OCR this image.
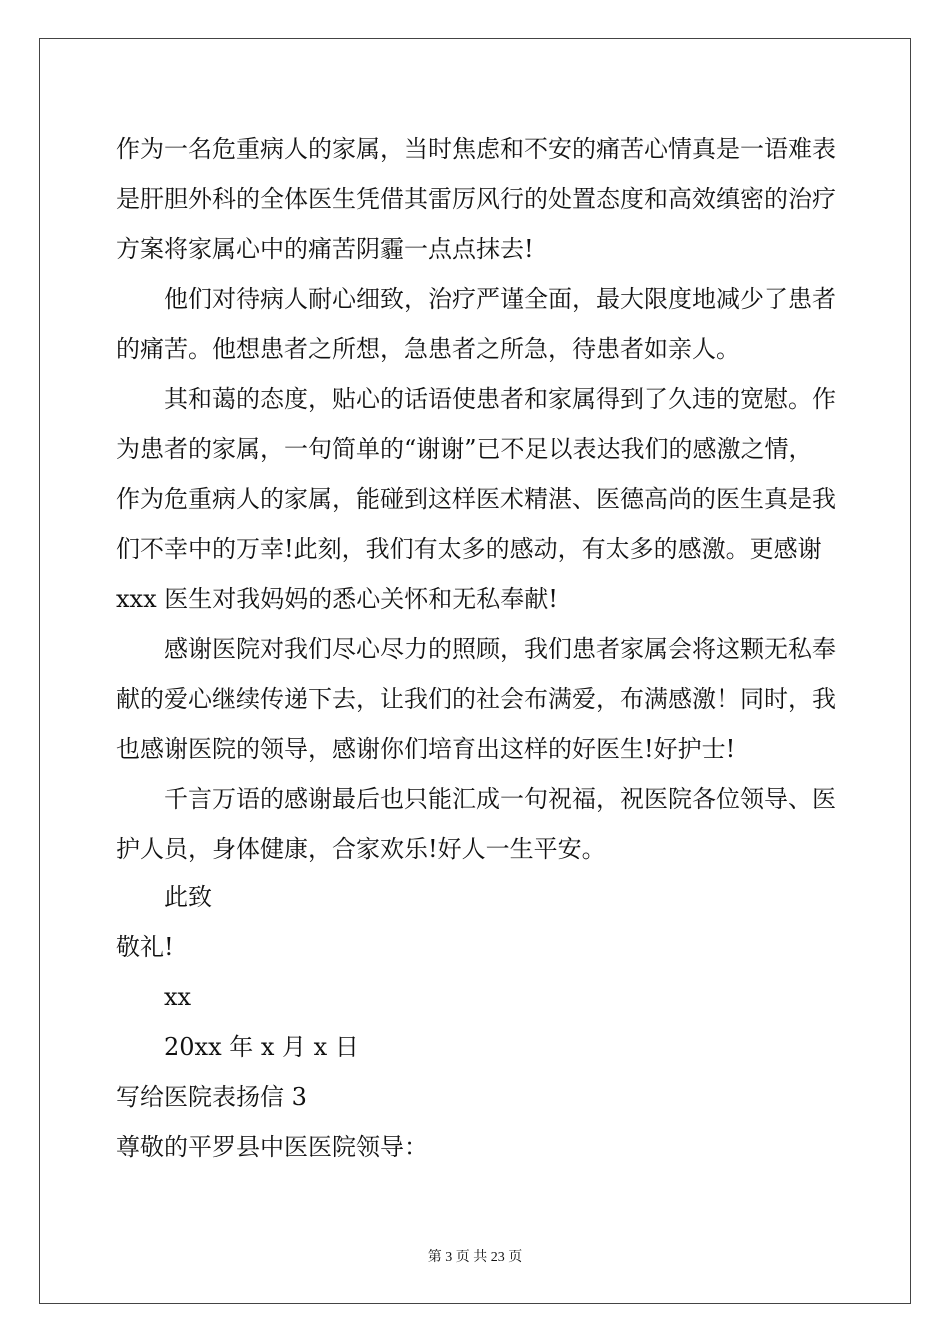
作为一名危重病人的家属，当时焦虑和不安的痛苦心情真是一语难表
是肝胆外科的全体医生凭借其雷厉风行的处置态度和高效缜密的治疗
方案将家属心中的痛苦阴霾一点点抹去!
他们对待病人耐心细致，治疗严谨全面，最大限度地减少了患者
的痛苦。他想患者之所想，急患者之所急，待患者如亲人。
其和蔼的态度，贴心的话语使患者和家属得到了久违的宽慰。作
为患者的家属，一句简单的“谢谢”已不足以表达我们的感激之情，
作为危重病人的家属，能碰到这样医术精湛、医德高尚的医生真是我
们不幸中的万幸!此刻，我们有太多的感动，有太多的感激。更感谢
xxx 医生对我妈妈的悉心关怀和无私奉献!
感谢医院对我们尽心尽力的照顾，我们患者家属会将这颗无私奉
献的爱心继续传递下去，让我们的社会布满爱，布满感激！同时，我
也感谢医院的领导，感谢你们培育出这样的好医生!好护士!
千言万语的感谢最后也只能汇成一句祝福，祝医院各位领导、医
护人员，身体健康，合家欢乐!好人一生平安。
此致
敬礼!
xx
20xx 年 x 月 x 日
写给医院表扬信 3
尊敬的平罗县中医医院领导：
第 3 页 共 23 页
